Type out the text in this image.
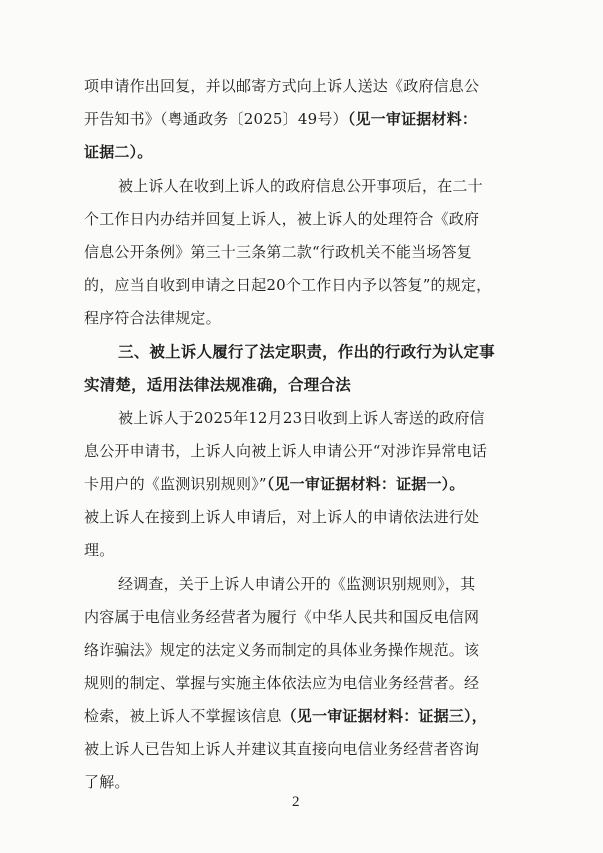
项申请作出回复，并以邮寄方式向上诉人送达《政府信息公
开告知书》（粤通政务〔2025〕49号）（见一审证据材料：
证据二）。
被上诉人在收到上诉人的政府信息公开事项后，在二十
个工作日内办结并回复上诉人，被上诉人的处理符合《政府
信息公开条例》第三十三条第二款“行政机关不能当场答复
的，应当自收到申请之日起20个工作日内予以答复”的规定，
程序符合法律规定。
三、被上诉人履行了法定职责，作出的行政行为认定事
实清楚，适用法律法规准确，合理合法
被上诉人于2025年12月23日收到上诉人寄送的政府信
息公开申请书，上诉人向被上诉人申请公开“对涉诈异常电话
卡用户的《监测识别规则》”（见一审证据材料：证据一）。
被上诉人在接到上诉人申请后，对上诉人的申请依法进行处
理。
经调查，关于上诉人申请公开的《监测识别规则》，其
内容属于电信业务经营者为履行《中华人民共和国反电信网
络诈骗法》规定的法定义务而制定的具体业务操作规范。该
规则的制定、掌握与实施主体依法应为电信业务经营者。经
检索，被上诉人不掌握该信息（见一审证据材料：证据三），
被上诉人已告知上诉人并建议其直接向电信业务经营者咨询
了解。
2
